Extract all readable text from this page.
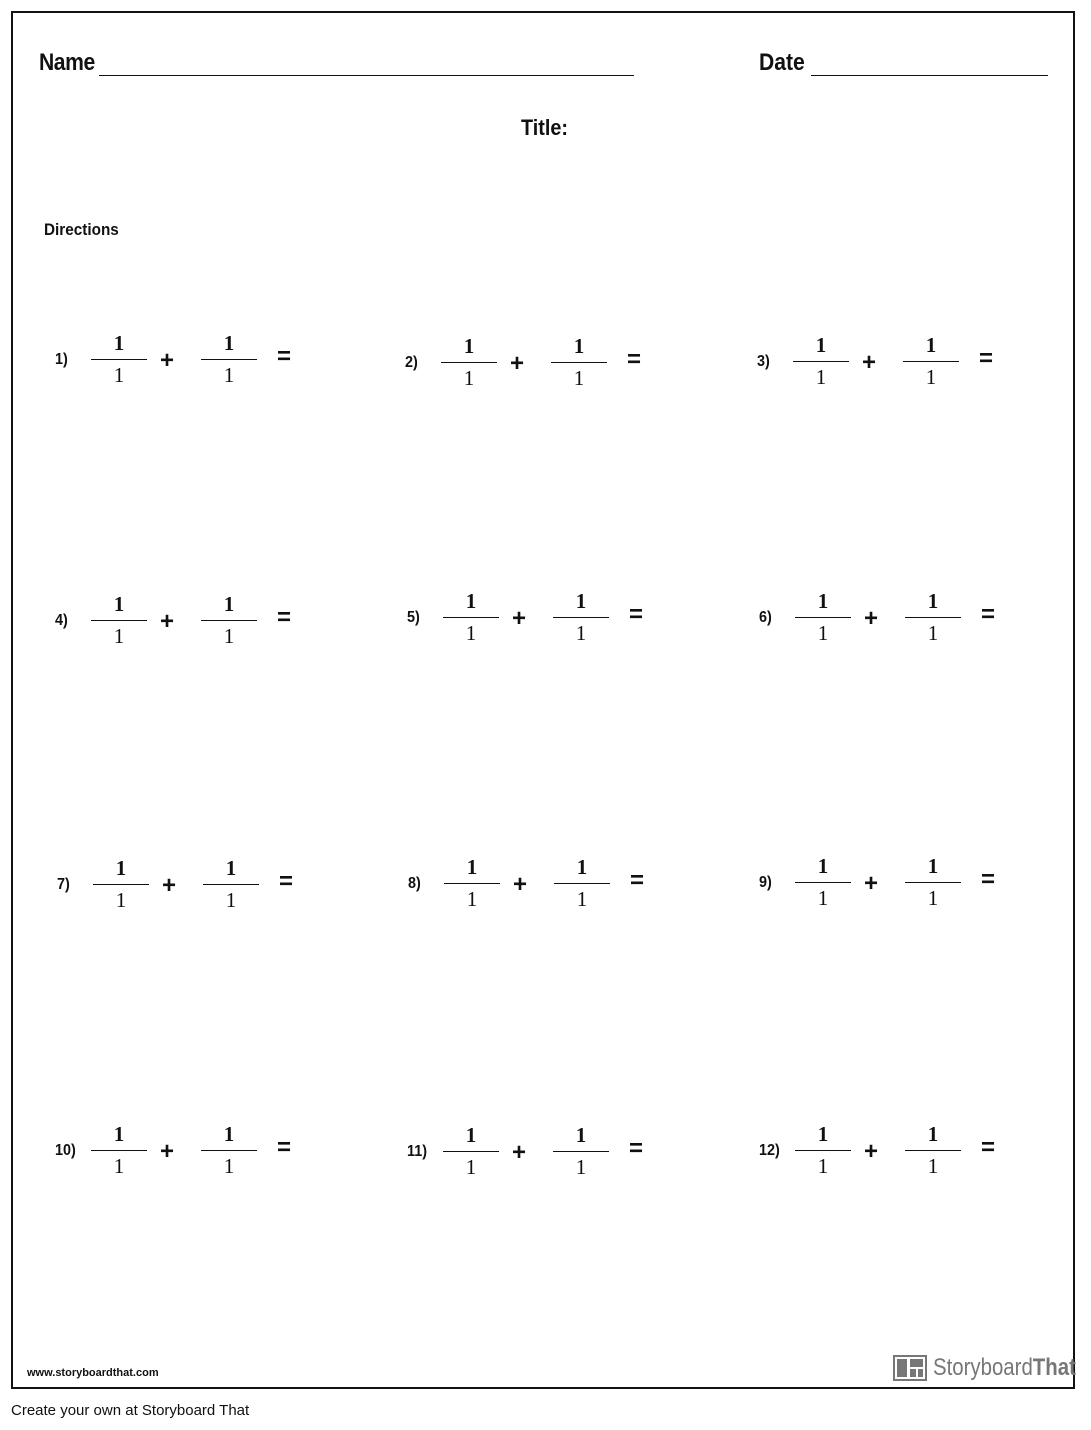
Name	Date
Title:
Directions
1)
1
1
+
1
1
=	2)
1
1
+
1
1
=	3)
1
1
+
1
1
=
4)
1
1
+
1
1
=	5)
1
1
+
1
1
=	6)
1
1
+
1
1
=
7)
1
1
+
1
1
=	8)
1
1
+
1
1
=	9)
1
1
+
1
1
=
10)
1
1
+
1
1
=	11)
1
1
+
1
1
=	12)
1
1
+
1
1
=
www.storyboardthat.com	StoryboardThat
Create your own at Storyboard That
